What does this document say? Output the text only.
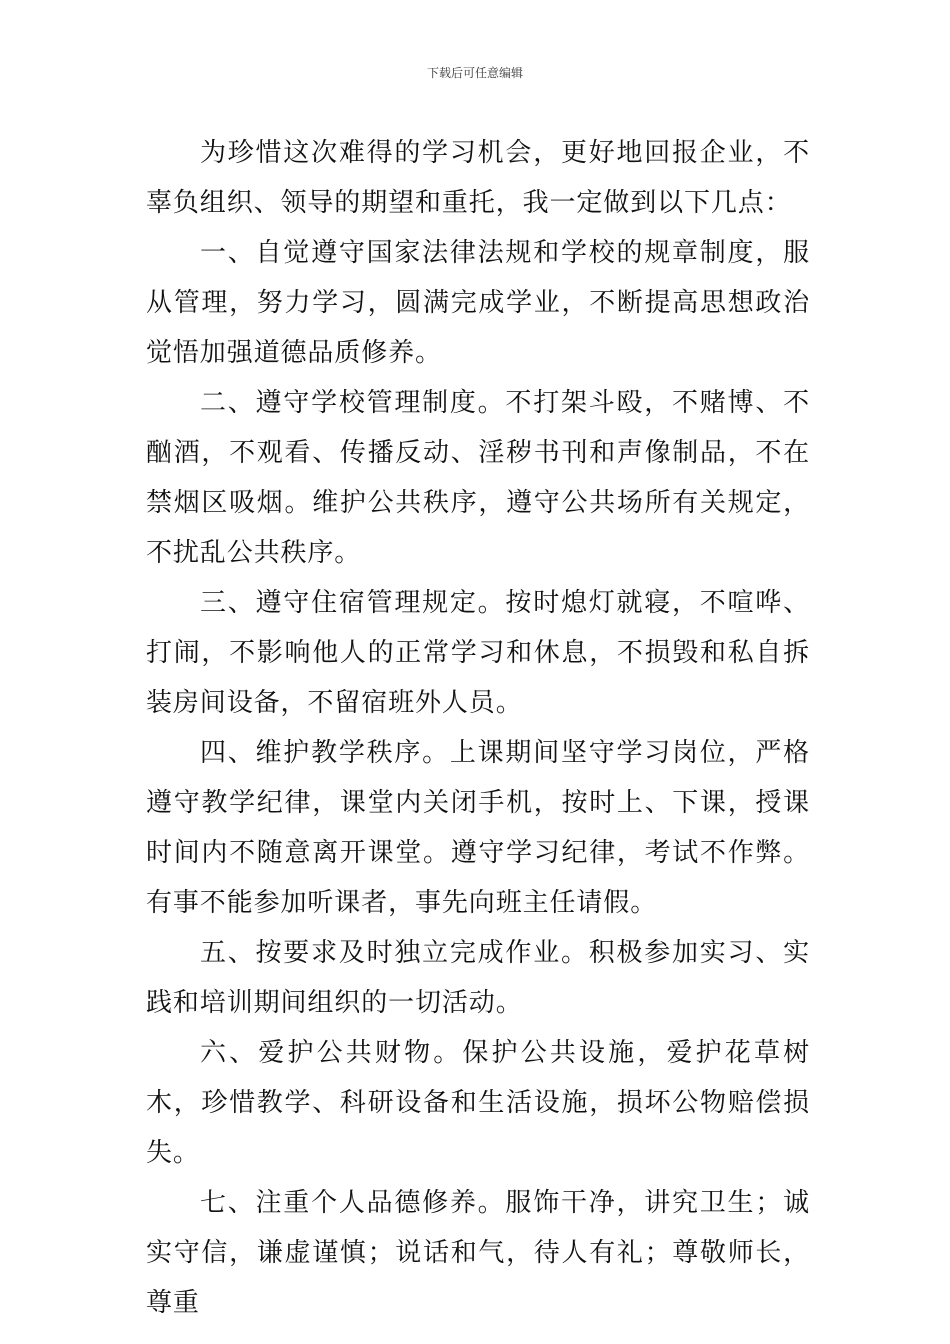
下载后可任意编辑

为珍惜这次难得的学习机会，更好地回报企业，不辜负组织、领导的期望和重托，我一定做到以下几点：

一、自觉遵守国家法律法规和学校的规章制度，服从管理，努力学习，圆满完成学业，不断提高思想政治觉悟加强道德品质修养。

二、遵守学校管理制度。不打架斗殴，不赌博、不酗酒，不观看、传播反动、淫秽书刊和声像制品，不在禁烟区吸烟。维护公共秩序，遵守公共场所有关规定，不扰乱公共秩序。

三、遵守住宿管理规定。按时熄灯就寝，不喧哗、打闹，不影响他人的正常学习和休息，不损毁和私自拆装房间设备，不留宿班外人员。

四、维护教学秩序。上课期间坚守学习岗位，严格遵守教学纪律，课堂内关闭手机，按时上、下课，授课时间内不随意离开课堂。遵守学习纪律，考试不作弊。有事不能参加听课者，事先向班主任请假。

五、按要求及时独立完成作业。积极参加实习、实践和培训期间组织的一切活动。

六、爱护公共财物。保护公共设施，爱护花草树木，珍惜教学、科研设备和生活设施，损坏公物赔偿损失。

七、注重个人品德修养。服饰干净，讲究卫生；诚实守信，谦虚谨慎；说话和气，待人有礼；尊敬师长，尊重
